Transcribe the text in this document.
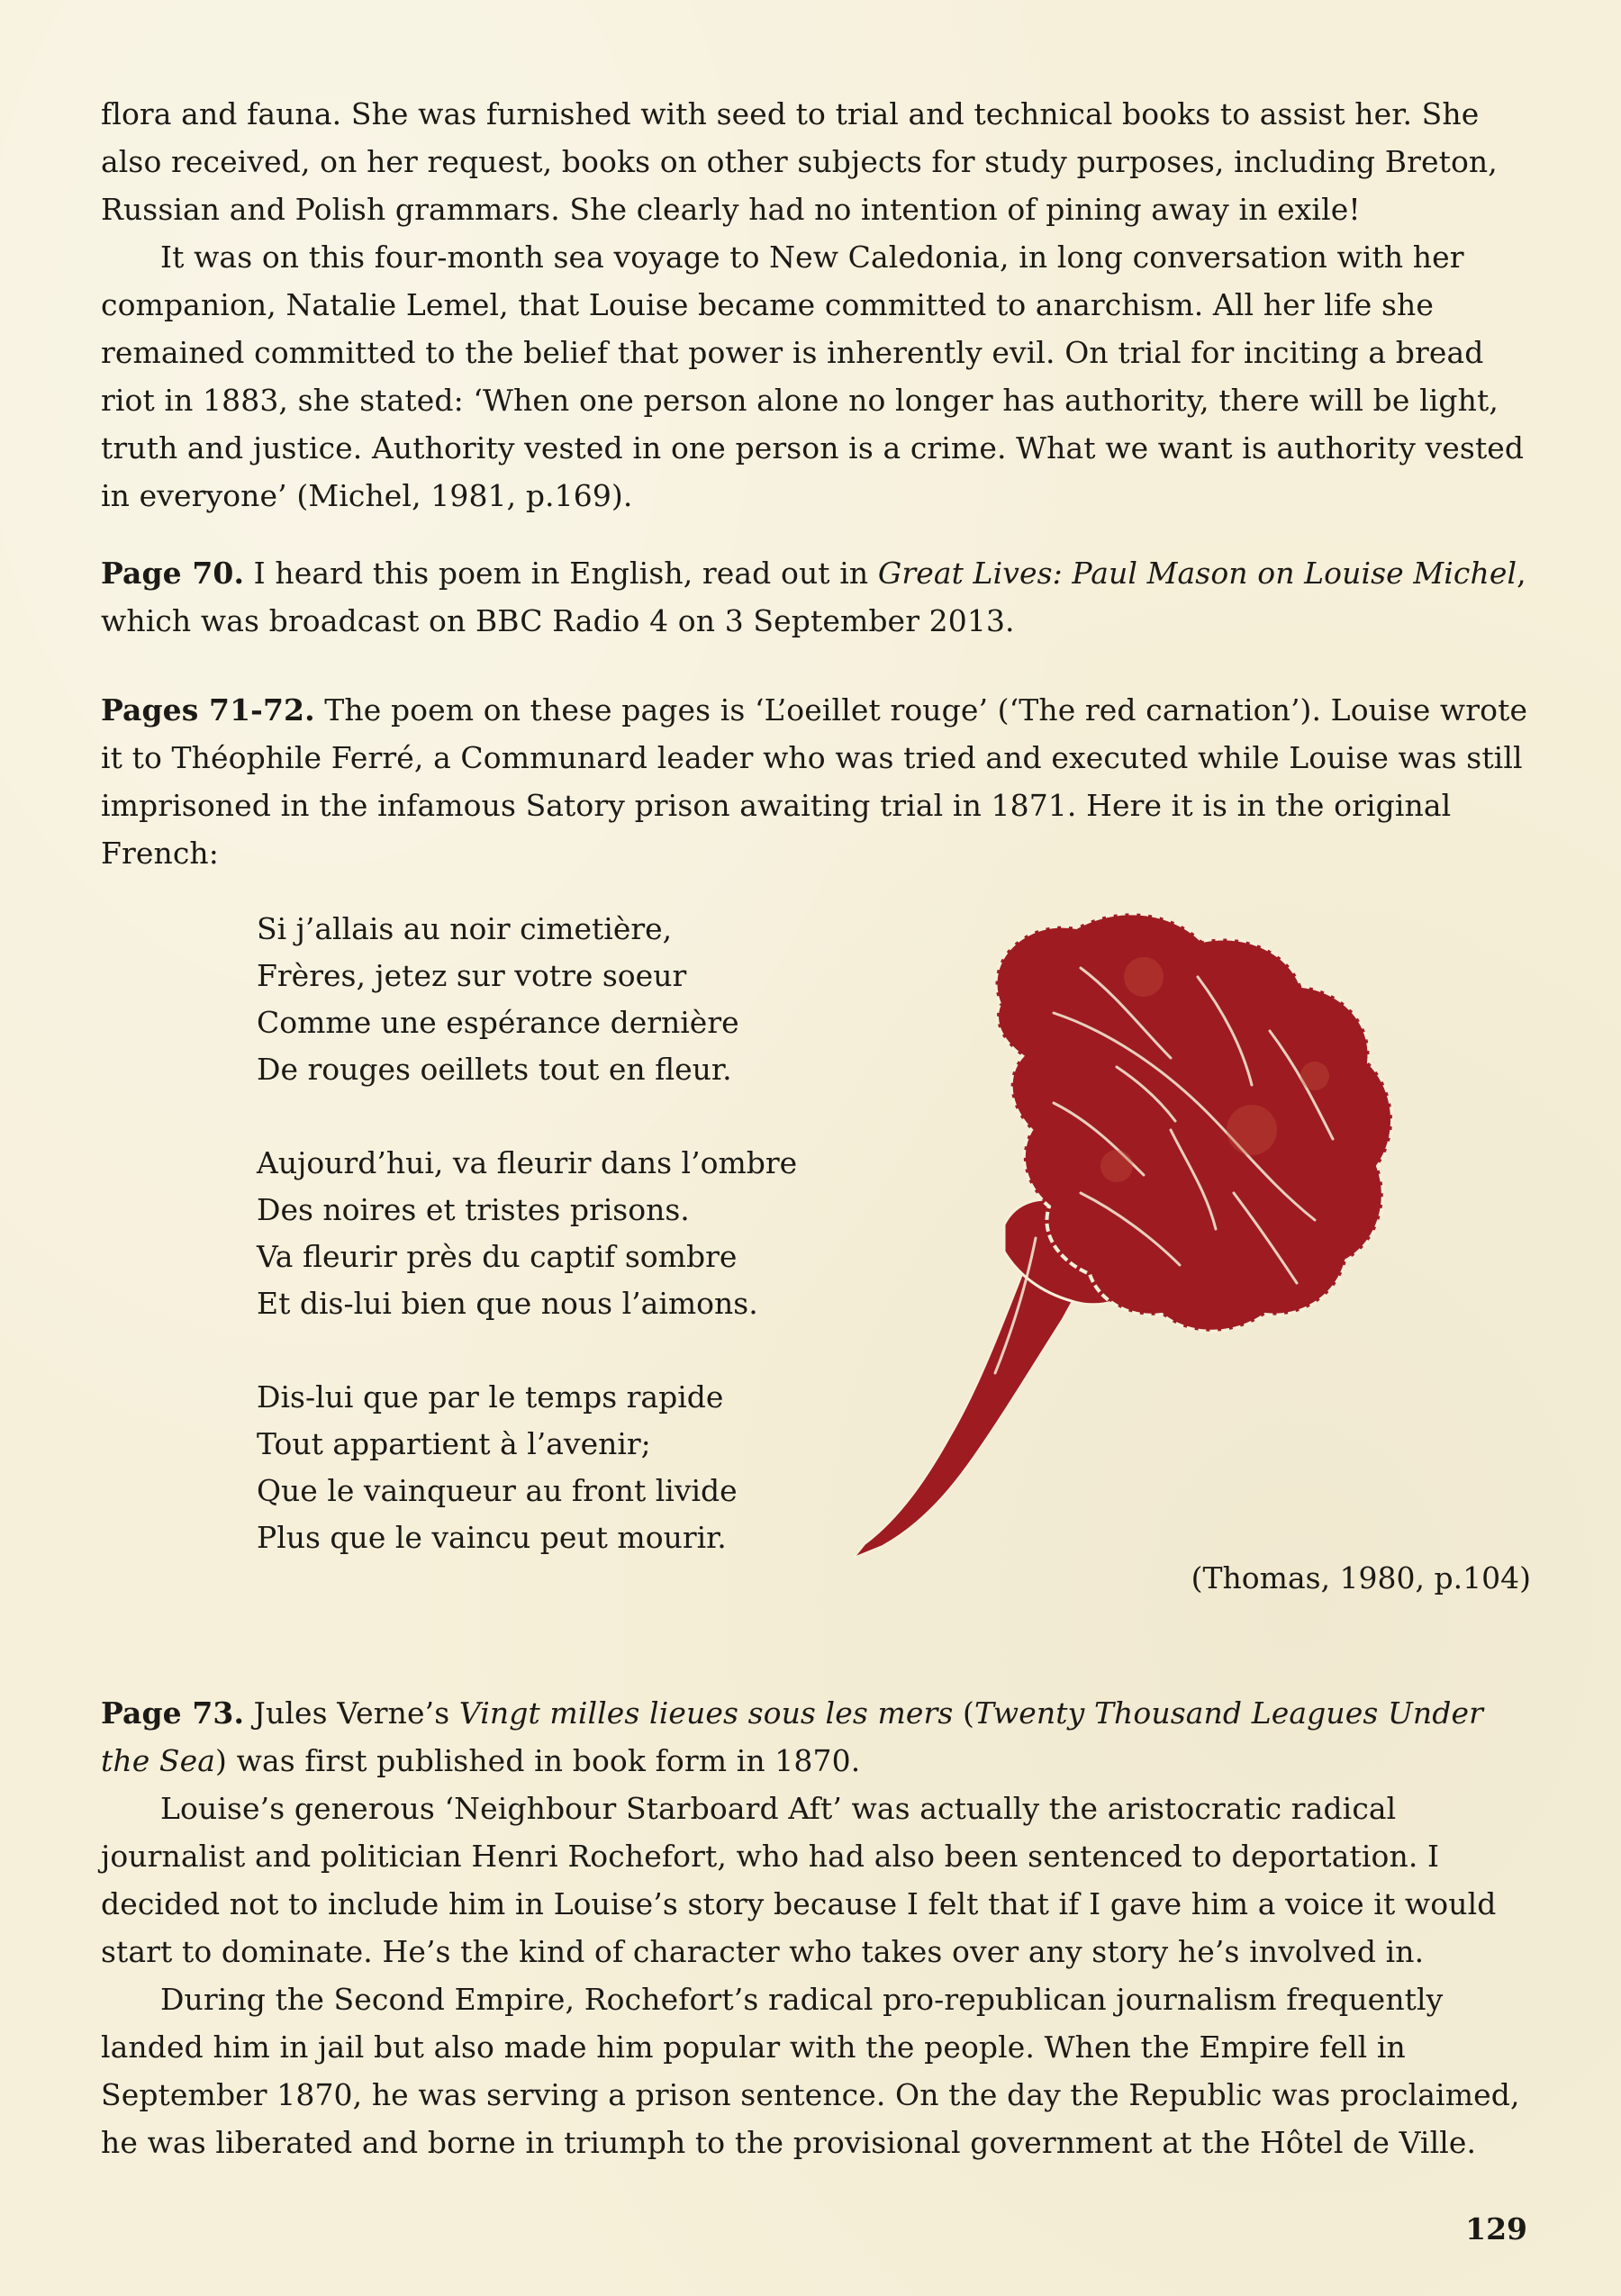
flora and fauna. She was furnished with seed to trial and technical books to assist her. She also received, on her request, books on other subjects for study purposes, including Breton, Russian and Polish grammars. She clearly had no intention of pining away in exile!

It was on this four-month sea voyage to New Caledonia, in long conversation with her companion, Natalie Lemel, that Louise became committed to anarchism. All her life she remained committed to the belief that power is inherently evil. On trial for inciting a bread riot in 1883, she stated: ‘When one person alone no longer has authority, there will be light, truth and justice. Authority vested in one person is a crime. What we want is authority vested in everyone’ (Michel, 1981, p.169).

Page 70. I heard this poem in English, read out in Great Lives: Paul Mason on Louise Michel, which was broadcast on BBC Radio 4 on 3 September 2013.

Pages 71-72. The poem on these pages is ‘L’oeillet rouge’ (‘The red carnation’). Louise wrote it to Théophile Ferré, a Communard leader who was tried and executed while Louise was still imprisoned in the infamous Satory prison awaiting trial in 1871. Here it is in the original French:

Si j’allais au noir cimetière,
Frères, jetez sur votre soeur
Comme une espérance dernière
De rouges oeillets tout en fleur.
Aujourd’hui, va fleurir dans l’ombre
Des noires et tristes prisons.
Va fleurir près du captif sombre
Et dis-lui bien que nous l’aimons.
Dis-lui que par le temps rapide
Tout appartient à l’avenir;
Que le vainqueur au front livide
Plus que le vaincu peut mourir.
(Thomas, 1980, p.104)

Page 73. Jules Verne’s Vingt milles lieues sous les mers (Twenty Thousand Leagues Under the Sea) was first published in book form in 1870.

Louise’s generous ‘Neighbour Starboard Aft’ was actually the aristocratic radical journalist and politician Henri Rochefort, who had also been sentenced to deportation. I decided not to include him in Louise’s story because I felt that if I gave him a voice it would start to dominate. He’s the kind of character who takes over any story he’s involved in.

During the Second Empire, Rochefort’s radical pro-republican journalism frequently landed him in jail but also made him popular with the people. When the Empire fell in September 1870, he was serving a prison sentence. On the day the Republic was proclaimed, he was liberated and borne in triumph to the provisional government at the Hôtel de Ville.

129
